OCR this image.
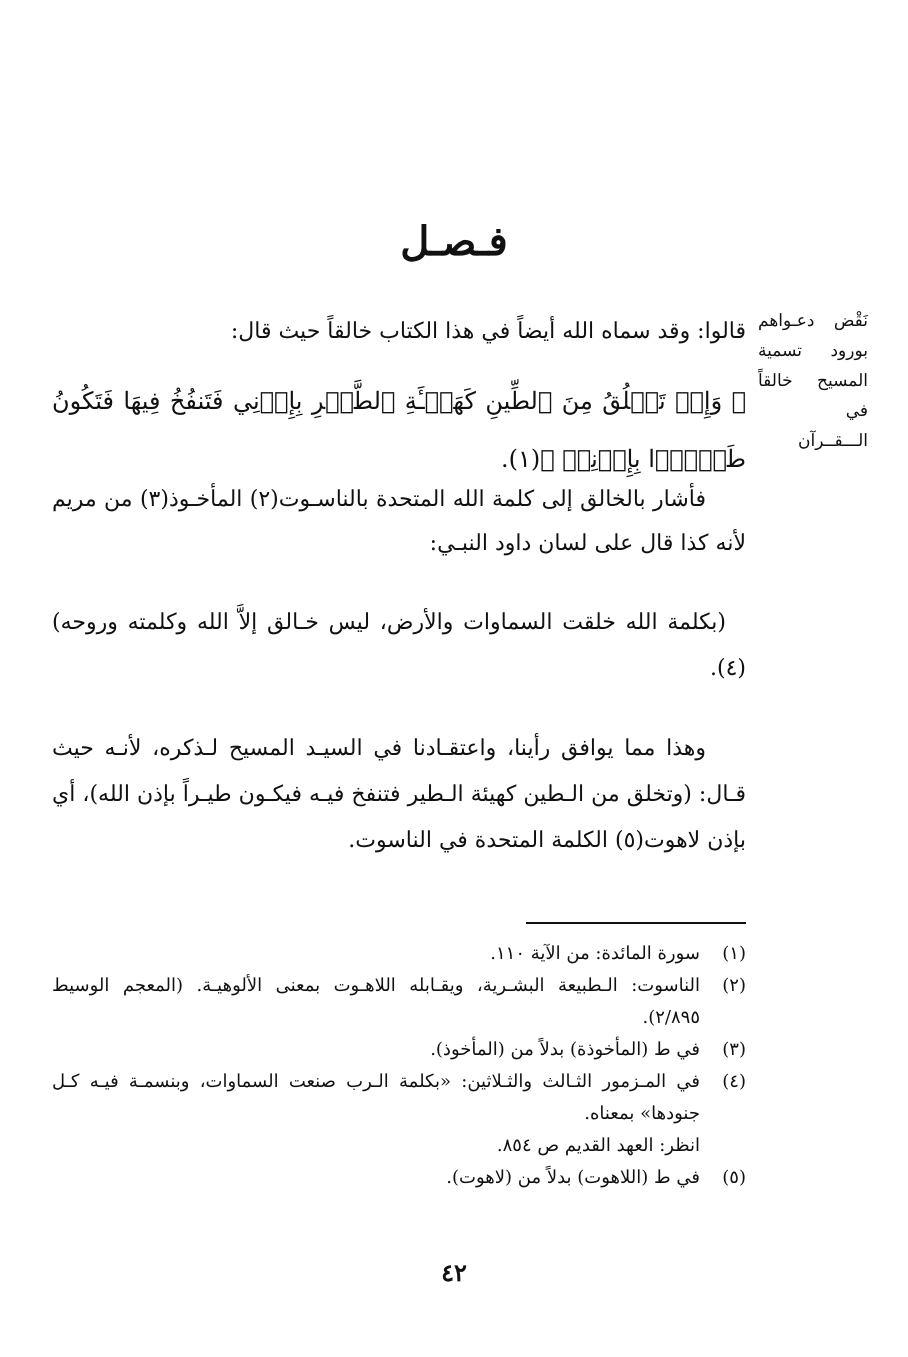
فـصـل
نَقْض دعـواهم
بورود تسمية
المسيح خالقاً في
الـــقــرآن
قالوا: وقد سماه الله أيضاً في هذا الكتاب خالقاً حيث قال:
﴿ وَإِذۡ تَخۡلُقُ مِنَ ٱلطِّينِ كَهَيۡـَٔةِ ٱلطَّيۡرِ بِإِذۡنِي فَتَنفُخُ فِيهَا فَتَكُونُ طَيۡرَۢا بِإِذۡنِيۖ ﴾(١).
فأشار بالخالق إلى كلمة الله المتحدة بالناسـوت(٢) المأخـوذ(٣) من مريم لأنه كذا قال على لسان داود النبـي:
(بكلمة الله خلقت السماوات والأرض، ليس خـالق إلاَّ الله وكلمته وروحه)(٤).
وهذا مما يوافق رأينا، واعتقـادنا في السيـد المسيح لـذكره، لأنـه حيث قـال: (وتخلق من الـطين كهيئة الـطير فتنفخ فيـه فيكـون طيـراً بإذن الله)، أي بإذن لاهوت(٥) الكلمة المتحدة في الناسوت.
(١)
سورة المائدة: من الآية ١١٠.
(٢)
الناسوت: الـطبيعة البشـرية، ويقـابله اللاهـوت بمعنى الألوهيـة. (المعجم الوسيط ٢/٨٩٥).
(٣)
في ط (المأخوذة) بدلاً من (المأخوذ).
(٤)
في المـزمور الثـالث والثـلاثين: «بكلمة الـرب صنعت السماوات، وبنسمـة فيـه كـل جنودها» بمعناه.
انظر: العهد القديم ص ٨٥٤.
(٥)
في ط (اللاهوت) بدلاً من (لاهوت).
٤٢
